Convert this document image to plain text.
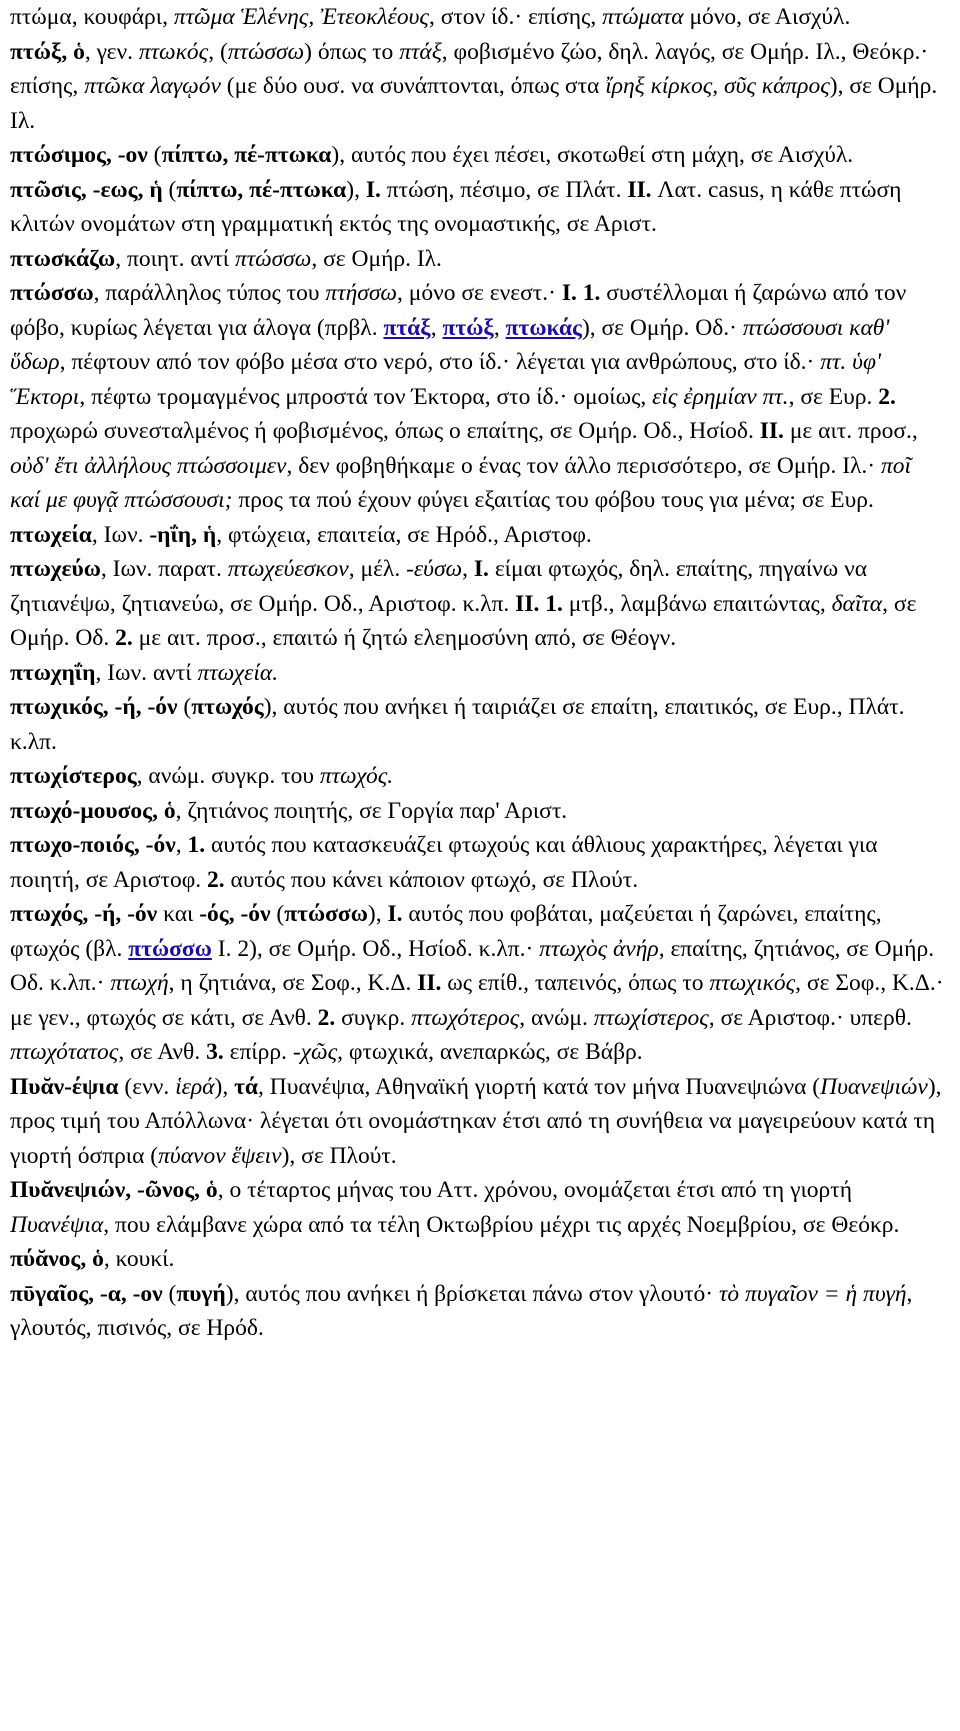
πτώμα, κουφάρι, πτῶμα Ἑλένης, Ἐτεοκλέους, στον ίδ.· επίσης, πτώματα μόνο, σε Αισχύλ.

πτώξ, ὁ, γεν. πτωκός, (πτώσσω) όπως το πτάξ, φοβισμένο ζώο, δηλ. λαγός, σε Ομήρ. Ιλ., Θεόκρ.· επίσης, πτῶκα λαγῳόν (με δύο ουσ. να συνάπτονται, όπως στα ἴρηξ κίρκος, σῦς κάπρος), σε Ομήρ. Ιλ.

πτώσιμος, -ον (πίπτω, πέ-πτωκα), αυτός που έχει πέσει, σκοτωθεί στη μάχη, σε Αισχύλ.

πτῶσις, -εως, ἡ (πίπτω, πέ-πτωκα), I. πτώση, πέσιμο, σε Πλάτ. II. Λατ. casus, η κάθε πτώση κλιτών ονομάτων στη γραμματική εκτός της ονομαστικής, σε Αριστ.

πτωσκάζω, ποιητ. αντί πτώσσω, σε Ομήρ. Ιλ.

πτώσσω, παράλληλος τύπος του πτήσσω, μόνο σε ενεστ.· I. 1. συστέλλομαι ή ζαρώνω από τον φόβο, κυρίως λέγεται για άλογα (πρβλ. πτάξ, πτώξ, πτωκάς), σε Ομήρ. Οδ.· πτώσσουσι καθ' ὕδωρ, πέφτουν από τον φόβο μέσα στο νερό, στο ίδ.· λέγεται για ανθρώπους, στο ίδ.· πτ. ὑφ' Ἕκτορι, πέφτω τρομαγμένος μπροστά τον Έκτορα, στο ίδ.· ομοίως, εἰς ἐρημίαν πτ., σε Ευρ. 2. προχωρώ συνεσταλμένος ή φοβισμένος, όπως ο επαίτης, σε Ομήρ. Οδ., Ησίοδ. II. με αιτ. προσ., οὐδ' ἔτι ἀλλήλους πτώσσοιμεν, δεν φοβηθήκαμε ο ένας τον άλλο περισσότερο, σε Ομήρ. Ιλ.· ποῖ καί με φυγᾷ πτώσσουσι; προς τα πού έχουν φύγει εξαιτίας του φόβου τους για μένα; σε Ευρ.

πτωχεία, Ιων. -ηΐη, ἡ, φτώχεια, επαιτεία, σε Ηρόδ., Αριστοφ.

πτωχεύω, Ιων. παρατ. πτωχεύεσκον, μέλ. -εύσω, I. είμαι φτωχός, δηλ. επαίτης, πηγαίνω να ζητιανέψω, ζητιανεύω, σε Ομήρ. Οδ., Αριστοφ. κ.λπ. II. 1. μτβ., λαμβάνω επαιτώντας, δαῖτα, σε Ομήρ. Οδ. 2. με αιτ. προσ., επαιτώ ή ζητώ ελεημοσύνη από, σε Θέογν.

πτωχηΐη, Ιων. αντί πτωχεία.

πτωχικός, -ή, -όν (πτωχός), αυτός που ανήκει ή ταιριάζει σε επαίτη, επαιτικός, σε Ευρ., Πλάτ. κ.λπ.

πτωχίστερος, ανώμ. συγκρ. του πτωχός.

πτωχό-μουσος, ὁ, ζητιάνος ποιητής, σε Γοργία παρ' Αριστ.

πτωχο-ποιός, -όν, 1. αυτός που κατασκευάζει φτωχούς και άθλιους χαρακτήρες, λέγεται για ποιητή, σε Αριστοφ. 2. αυτός που κάνει κάποιον φτωχό, σε Πλούτ.

πτωχός, -ή, -όν και -ός, -όν (πτώσσω), I. αυτός που φοβάται, μαζεύεται ή ζαρώνει, επαίτης, φτωχός (βλ. πτώσσω I. 2), σε Ομήρ. Οδ., Ησίοδ. κ.λπ.· πτωχὸς ἀνήρ, επαίτης, ζητιάνος, σε Ομήρ. Οδ. κ.λπ.· πτωχή, η ζητιάνα, σε Σοφ., Κ.Δ. II. ως επίθ., ταπεινός, όπως το πτωχικός, σε Σοφ., Κ.Δ.· με γεν., φτωχός σε κάτι, σε Ανθ. 2. συγκρ. πτωχότερος, ανώμ. πτωχίστερος, σε Αριστοφ.· υπερθ. πτωχότατος, σε Ανθ. 3. επίρρ. -χῶς, φτωχικά, ανεπαρκώς, σε Βάβρ.

Πυᾰν-έψια (ενν. ἱερά), τά, Πυανέψια, Αθηναϊκή γιορτή κατά τον μήνα Πυανεψιώνα (Πυανεψιών), προς τιμή του Απόλλωνα· λέγεται ότι ονομάστηκαν έτσι από τη συνήθεια να μαγειρεύουν κατά τη γιορτή όσπρια (πύανον ἕψειν), σε Πλούτ.

Πυᾰνεψιών, -ῶνος, ὁ, ο τέταρτος μήνας του Αττ. χρόνου, ονομάζεται έτσι από τη γιορτή Πυανέψια, που ελάμβανε χώρα από τα τέλη Οκτωβρίου μέχρι τις αρχές Νοεμβρίου, σε Θεόκρ.

πύᾰνος, ὁ, κουκί.

πῡγαῖος, -α, -ον (πυγή), αυτός που ανήκει ή βρίσκεται πάνω στον γλουτό· τὸ πυγαῖον = ἡ πυγή, γλουτός, πισινός, σε Ηρόδ.
